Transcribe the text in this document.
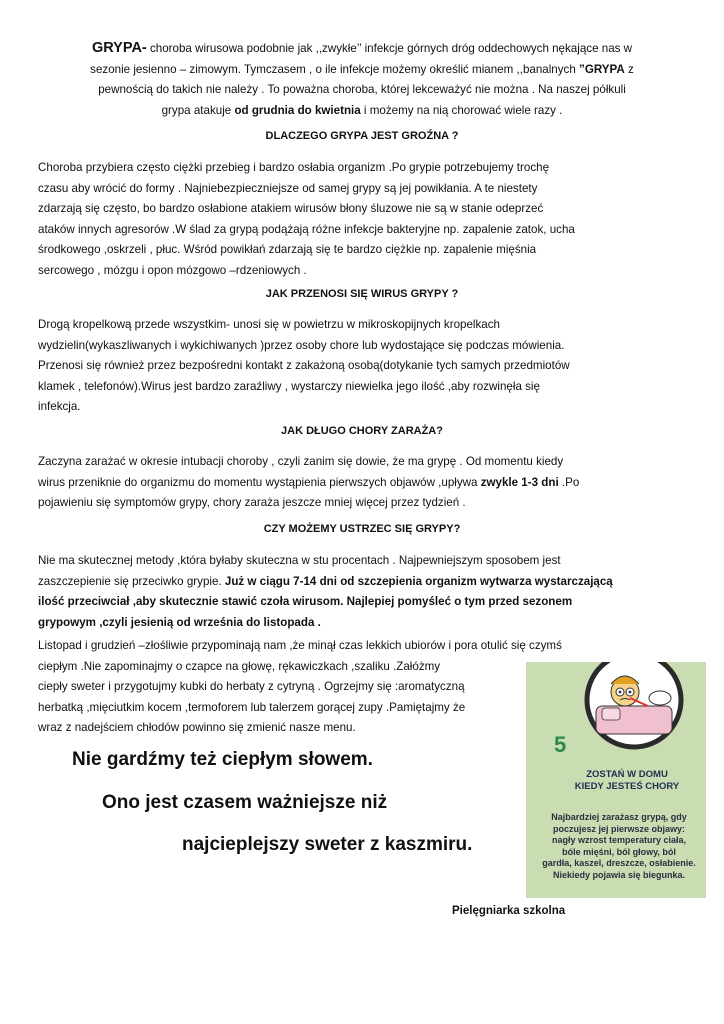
GRYPA- choroba wirusowa podobnie jak ,,zwykłe’’ infekcje górnych dróg oddechowych nękające nas w
sezonie jesienno – zimowym. Tymczasem , o ile infekcje możemy określić mianem ,,banalnych ”GRYPA z
pewnością do takich nie należy . To poważna choroba, której lekceważyć nie można . Na naszej półkuli
grypa atakuje od grudnia do kwietnia i możemy na nią chorować wiele razy .

DLACZEGO GRYPA JEST GROŹNA ?

Choroba przybiera często ciężki przebieg i bardzo osłabia organizm .Po grypie potrzebujemy trochę
czasu aby wrócić do formy . Najniebezpieczniejsze od samej grypy są jej powikłania. A te niestety
zdarzają się często, bo bardzo osłabione atakiem wirusów błony śluzowe nie są w stanie odeprzeć
ataków innych agresorów .W ślad za grypą podążają różne infekcje bakteryjne np. zapalenie zatok, ucha
środkowego ,oskrzeli , płuc. Wśród powikłań zdarzają się te bardzo ciężkie np. zapalenie mięśnia
sercowego , mózgu i opon mózgowo –rdzeniowych .

JAK PRZENOSI SIĘ WIRUS GRYPY ?

Drogą kropelkową przede wszystkim- unosi się w powietrzu w mikroskopijnych kropelkach
wydzielin(wykaszliwanych i wykichiwanych )przez osoby chore lub wydostające się podczas mówienia.
Przenosi się również przez bezpośredni kontakt z zakażoną osobą(dotykanie tych samych przedmiotów
klamek , telefonów).Wirus jest bardzo zaraźliwy , wystarczy niewielka jego ilość ,aby rozwinęła się
infekcja.

JAK DŁUGO CHORY ZARAŻA?

Zaczyna zarażać w okresie intubacji choroby , czyli zanim się dowie, że ma grypę . Od momentu kiedy
wirus przeniknie do organizmu do momentu wystąpienia pierwszych objawów ,upływa zwykle 1-3 dni .Po
pojawieniu się symptomów grypy, chory zaraża jeszcze mniej więcej przez tydzień .

CZY MOŻEMY USTRZEC SIĘ GRYPY?

Nie ma skutecznej metody ,która byłaby skuteczna w stu procentach . Najpewniejszym sposobem jest
zaszczepienie się przeciwko grypie. Już w ciągu 7-14 dni od szczepienia organizm wytwarza wystarczającą
ilość przeciwciał ,aby skutecznie stawić czoła wirusom. Najlepiej pomyśleć o tym przed sezonem
grypowym ,czyli jesienią od września do listopada .
Listopad i grudzień –złośliwie przypominają nam ,że minął czas lekkich ubiorów i pora otulić się czymś
ciepłym .Nie zapominajmy o czapce na głowę, rękawiczkach ,szaliku .Załóżmy
ciepły sweter i przygotujmy kubki do herbaty z cytryną . Ogrzejmy się :aromatyczną
herbatką ,mięciutkim kocem ,termoforem lub talerzem gorącej zupy .Pamiętajmy że
wraz z nadejściem chłodów powinno się zmienić nasze menu.

Nie gardźmy też ciepłym słowem.

Ono jest czasem ważniejsze niż

najcieplejszy sweter z kaszmiru.

5
ZOSTAŃ W DOMU
KIEDY JESTEŚ CHORY
Najbardziej zarażasz grypą, gdy
poczujesz jej pierwsze objawy:
nagły wzrost temperatury ciała,
bóle mięśni, ból głowy, ból
gardła, kaszel, dreszcze, osłabienie.
Niekiedy pojawia się biegunka.

Pielęgniarka szkolna
